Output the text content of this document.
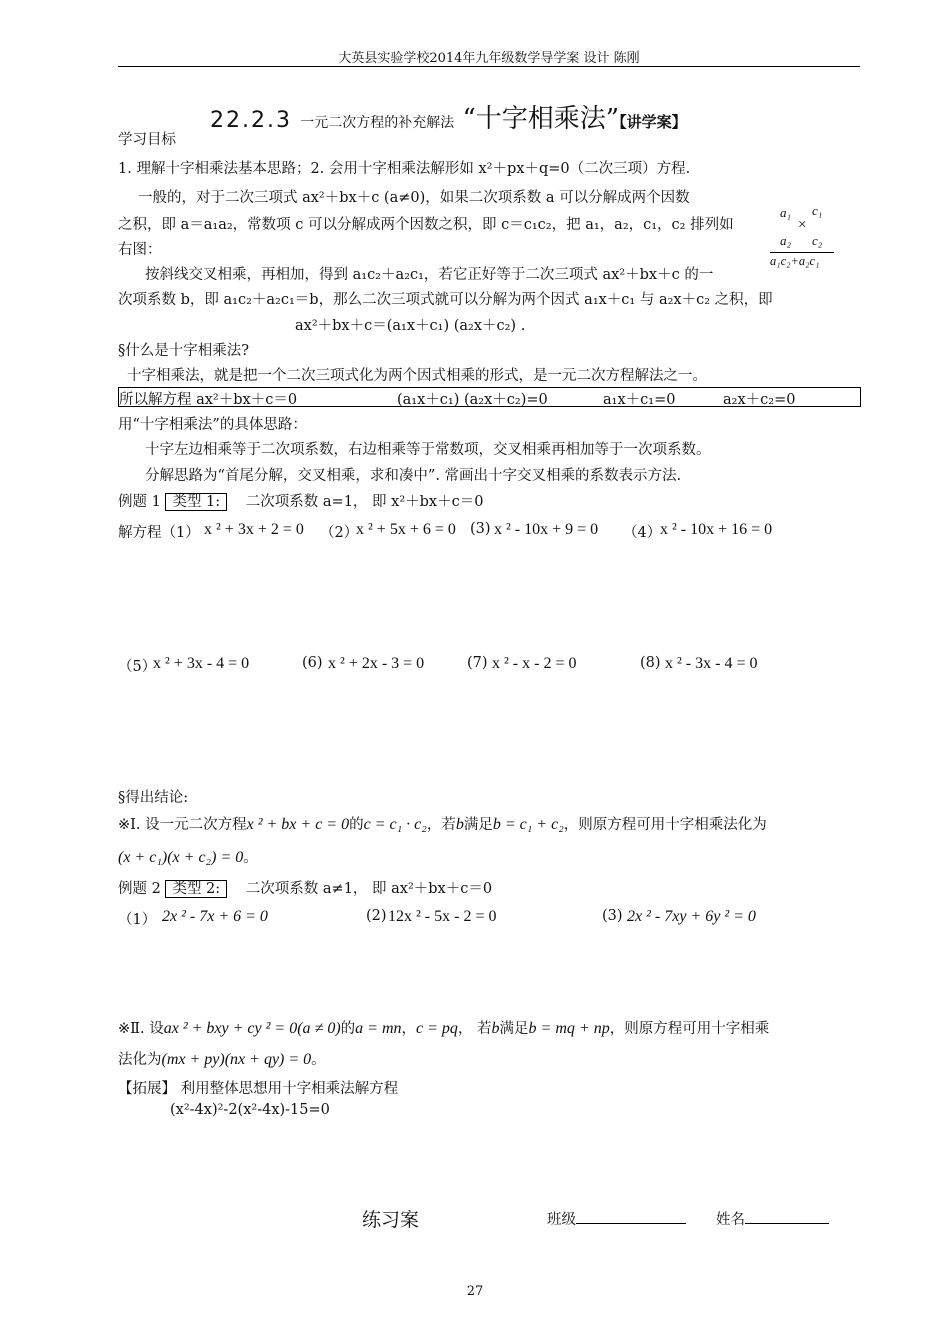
大英县实验学校2014年九年级数学导学案 设计 陈刚
22.2.3 一元二次方程的补充解法 “十字相乘法”【讲学案】
学习目标
1. 理解十字相乘法基本思路；2. 会用十字相乘法解形如 x²＋px＋q=0（二次三项）方程.
一般的，对于二次三项式 ax²＋bx＋c (a≠0)，如果二次项系数 a 可以分解成两个因数
之积，即 a＝a₁a₂，常数项 c 可以分解成两个因数之积，即 c＝c₁c₂，把 a₁，a₂，c₁，c₂ 排列如
右图：
a₁ c₁
×
a₂ c₂
a₁c₂+a₂c₁
按斜线交叉相乘，再相加，得到 a₁c₂＋a₂c₁，若它正好等于二次三项式 ax²＋bx＋c 的一
次项系数 b，即 a₁c₂＋a₂c₁＝b，那么二次三项式就可以分解为两个因式 a₁x＋c₁ 与 a₂x＋c₂ 之积，即
ax²＋bx＋c＝(a₁x＋c₁) (a₂x＋c₂) .
§什么是十字相乘法?
十字相乘法，就是把一个二次三项式化为两个因式相乘的形式，是一元二次方程解法之一。
所以解方程 ax²＋bx＋c＝0	(a₁x＋c₁) (a₂x＋c₂)=0	a₁x＋c₁=0	a₂x＋c₂=0
用“十字相乘法”的具体思路：
十字左边相乘等于二次项系数，右边相乘等于常数项，交叉相乘再相加等于一次项系数。
分解思路为“首尾分解，交叉相乘，求和凑中”. 常画出十字交叉相乘的系数表示方法.
例题 1 类型 1: 二次项系数 a=1， 即 x²＋bx＋c＝0
解方程（1） x ² + 3x + 2 = 0 （2）
x ² + 5x + 6 = 0 (3) x ² - 10x + 9 = 0 （4）
x ² - 10x + 16 = 0
（5）
x ² + 3x - 4 = 0	(6) x ² + 2x - 3 = 0	(7) x ² - x - 2 = 0	(8) x ² - 3x - 4 = 0
§得出结论:
※Ⅰ. 设一元二次方程x ² + bx + c = 0的c = c₁ · c₂，若b满足b = c₁ + c₂，则原方程可用十字相乘法化为
(x + c₁)(x + c₂) = 0。
例题 2 类型 2: 二次项系数 a≠1， 即 ax²＋bx＋c＝0
（1） 2x ² - 7x + 6 = 0	(2) 12x ² - 5x - 2 = 0	(3) 2x ² - 7xy + 6y ² = 0
※Ⅱ. 设ax ² + bxy + cy ² = 0(a ≠ 0)的a = mn，c = pq， 若b满足b = mq + np，则原方程可用十字相乘
法化为(mx + py)(nx + qy) = 0。
【拓展】 利用整体思想用十字相乘法解方程
(x²-4x)²-2(x²-4x)-15=0
练习案	班级	姓名
27
